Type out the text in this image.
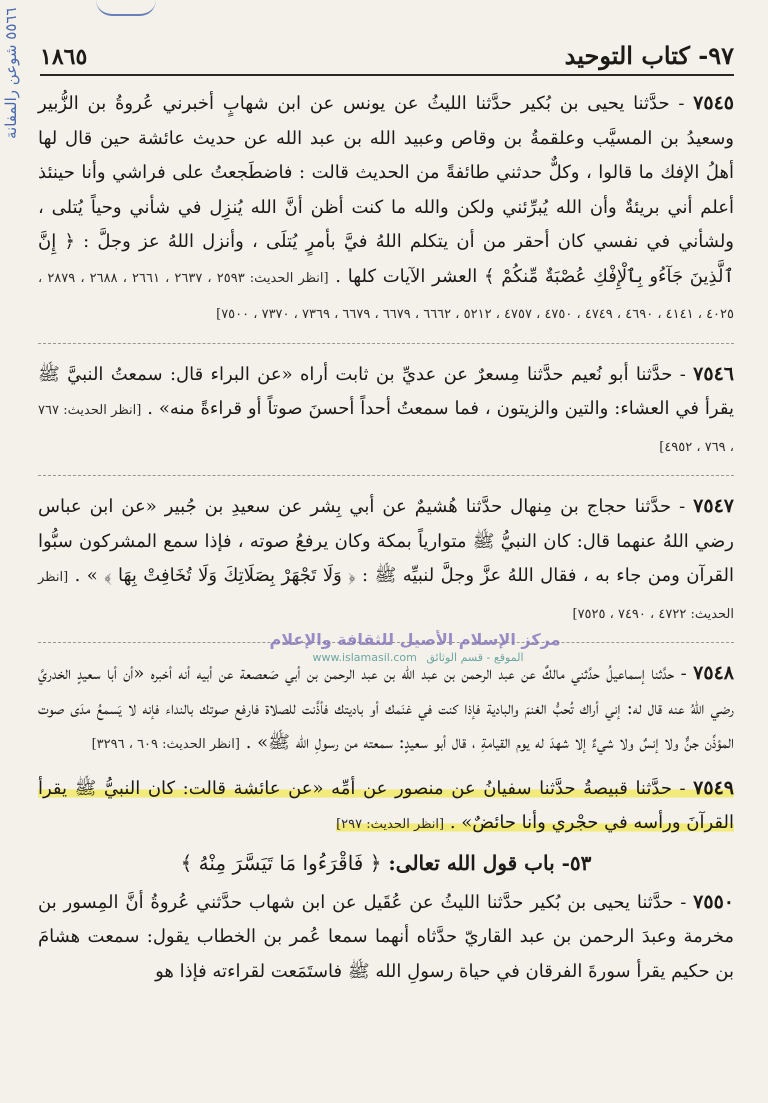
٥٥٦٦ شوعن رالمفانة
٩٧- كتاب التوحيد
١٨٦٥
٧٥٤٥ - حدَّثنا يحيى بن بُكير حدَّثنا الليثُ عن يونس عن ابن شهابٍ أخبرني عُروةُ بن الزُّبير وسعيدُ بن المسيَّب وعلقمةُ بن وقاص وعبيد الله بن عبد الله عن حديث عائشة حين قال لها أهلُ الإفك ما قالوا ، وكلٌّ حدثني طائفةً من الحديث قالت : فاضطَجعتُ على فراشي وأنا حينئذ أعلم أني بريئةٌ وأن الله يُبرِّئني ولكن والله ما كنت أظن أنَّ الله يُنزِل في شأني وحياً يُتلى ، ولشأني في نفسي كان أحقر من أن يتكلم اللهُ فيَّ بأمرٍ يُتلَى ، وأنزل اللهُ عز وجلَّ : ﴿ إِنَّ ٱلَّذِينَ جَآءُو بِٱلْإِفْكِ عُصْبَةٌ مِّنكُمْ ﴾ العشر الآيات كلها . [انظر الحديث: ٢٥٩٣ ، ٢٦٣٧ ، ٢٦٦١ ، ٢٦٨٨ ، ٢٨٧٩ ، ٤٠٢٥ ، ٤١٤١ ، ٤٦٩٠ ، ٤٧٤٩ ، ٤٧٥٠ ، ٤٧٥٧ ، ٥٢١٢ ، ٦٦٦٢ ، ٦٦٧٩ ، ٦٦٧٩ ، ٧٣٦٩ ، ٧٣٧٠ ، ٧٥٠٠]
٧٥٤٦ - حدَّثنا أبو نُعيم حدَّثنا مِسعرٌ عن عديِّ بن ثابت أراه «عن البراء قال: سمعتُ النبيَّ ﷺ يقرأ في العشاء: والتين والزيتون ، فما سمعتُ أحداً أحسنَ صوتاً أو قراءةً منه» . [انظر الحديث: ٧٦٧ ، ٧٦٩ ، ٤٩٥٢]
٧٥٤٧ - حدَّثنا حجاج بن مِنهال حدَّثنا هُشيمٌ عن أبي بِشر عن سعيدِ بن جُبير «عن ابن عباس رضي اللهُ عنهما قال: كان النبيُّ ﷺ متوارياً بمكة وكان يرفعُ صوته ، فإذا سمع المشركون سبُّوا القرآن ومن جاء به ، فقال اللهُ عزَّ وجلَّ لنبيِّه ﷺ : ﴿ وَلَا تَجْهَرْ بِصَلَاتِكَ وَلَا تُخَافِتْ بِهَا ﴾ » . [انظر الحديث: ٤٧٢٢ ، ٧٤٩٠ ، ٧٥٢٥]
٧٥٤٨ - حدَّثنا إسماعيلُ حدَّثني مالكٌ عن عبد الرحمن بن عبد الله بن عبد الرحمن بن أبي صَعصعة عن أبيه أنه أخبره «أن أبا سعيدٍ الخدريَّ رضي اللهُ عنه قال له: إني أراك تُحبُّ الغنمَ والبادية فإذا كنت في غنَمك أو باديتك فأذَّنت للصلاة فارفع صوتك بالنداء فإنه لا يَسمعُ مدَى صوت المؤذِّن جنٌّ ولا إنسٌ ولا شيءٌ إلا شهدَ له يوم القيامةِ ، قال أبو سعيدٍ: سمعته من رسولِ الله ﷺ» . [انظر الحديث: ٦٠٩ ، ٣٢٩٦]
٧٥٤٩ - حدَّثنا قبيصةُ حدَّثنا سفيانُ عن منصور عن أمِّه «عن عائشة قالت: كان النبيُّ ﷺ يقرأ القرآنَ ورأسه في حجْري وأنا حائضٌ» . [انظر الحديث: ٢٩٧]
٥٣- باب قول الله تعالى: ﴿ فَاقْرَءُوا مَا تَيَسَّرَ مِنْهُ ﴾
٧٥٥٠ - حدَّثنا يحيى بن بُكير حدَّثنا الليثُ عن عُقَيل عن ابن شهاب حدَّثني عُروةُ أنَّ المِسور بن مخرمة وعبدَ الرحمن بن عبد القاريّ حدَّثاه أنهما سمعا عُمر بن الخطاب يقول: سمعت هشامَ بن حكيم يقرأ سورةَ الفرقان في حياة رسولِ الله ﷺ فاستَمَعت لقراءته فإذا هو
مركز الإسلام الأصيل للثقافة والإعلام
الموقع - قسم الوثائق www.islamasil.com
